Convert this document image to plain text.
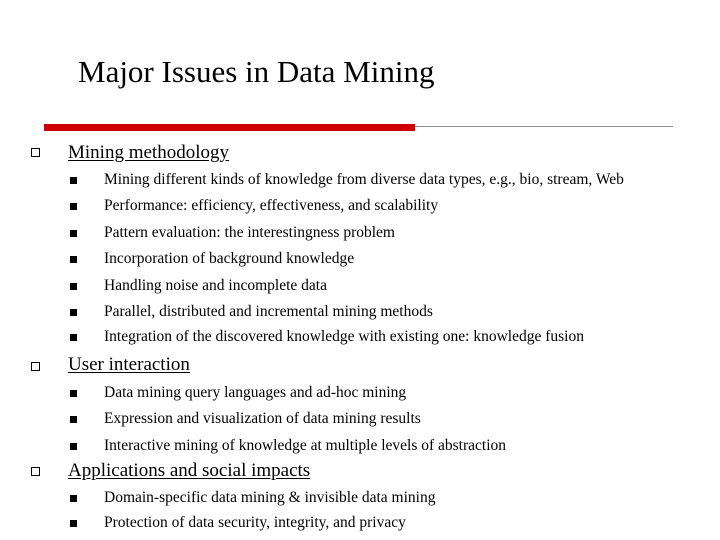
Major Issues in Data Mining
Mining methodology
Mining different kinds of knowledge from diverse data types, e.g., bio, stream, Web
Performance: efficiency, effectiveness, and scalability
Pattern evaluation: the interestingness problem
Incorporation of background knowledge
Handling noise and incomplete data
Parallel, distributed and incremental mining methods
Integration of the discovered knowledge with existing one: knowledge fusion
User interaction
Data mining query languages and ad-hoc mining
Expression and visualization of data mining results
Interactive mining of knowledge at multiple levels of abstraction
Applications and social impacts
Domain-specific data mining & invisible data mining
Protection of data security, integrity, and privacy
